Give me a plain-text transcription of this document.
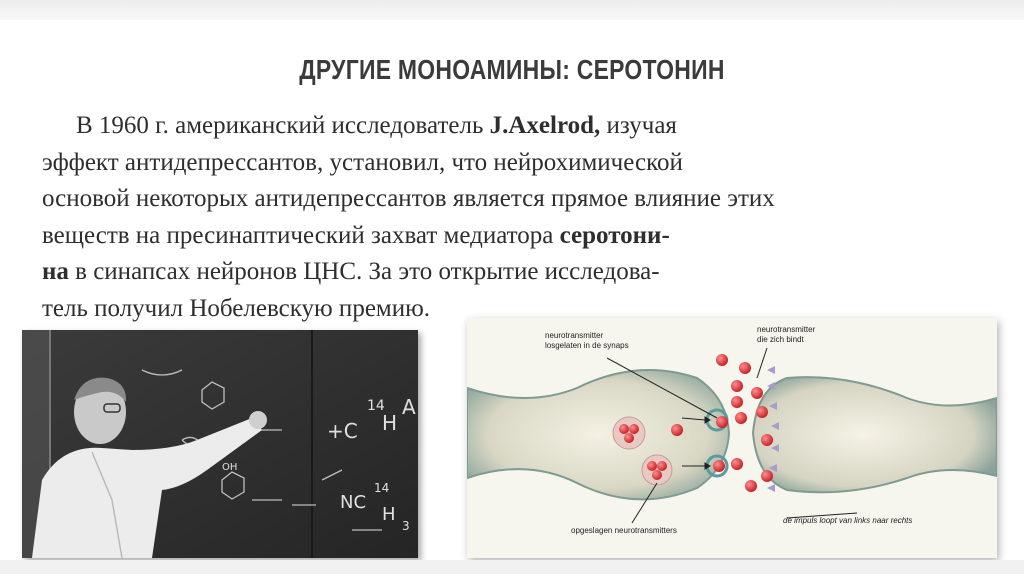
ДРУГИЕ МОНОАМИНЫ: СЕРОТОНИН
В 1960 г. американский исследователь J.Axelrod, изучая
эффект антидепрессантов, установил, что нейрохимической
основой некоторых антидепрессантов является прямое влияние этих
веществ на пресинаптический захват медиатора серотони-
на в синапсах нейронов ЦНС. За это открытие исследова-
тель получил Нобелевскую премию.
+C
14
H
A
OH
NC
14
H
3
neurotransmitter
losgelaten in de synaps
neurotransmitter
die zich bindt
opgeslagen neurotransmitters
de impuls loopt van links naar rechts
